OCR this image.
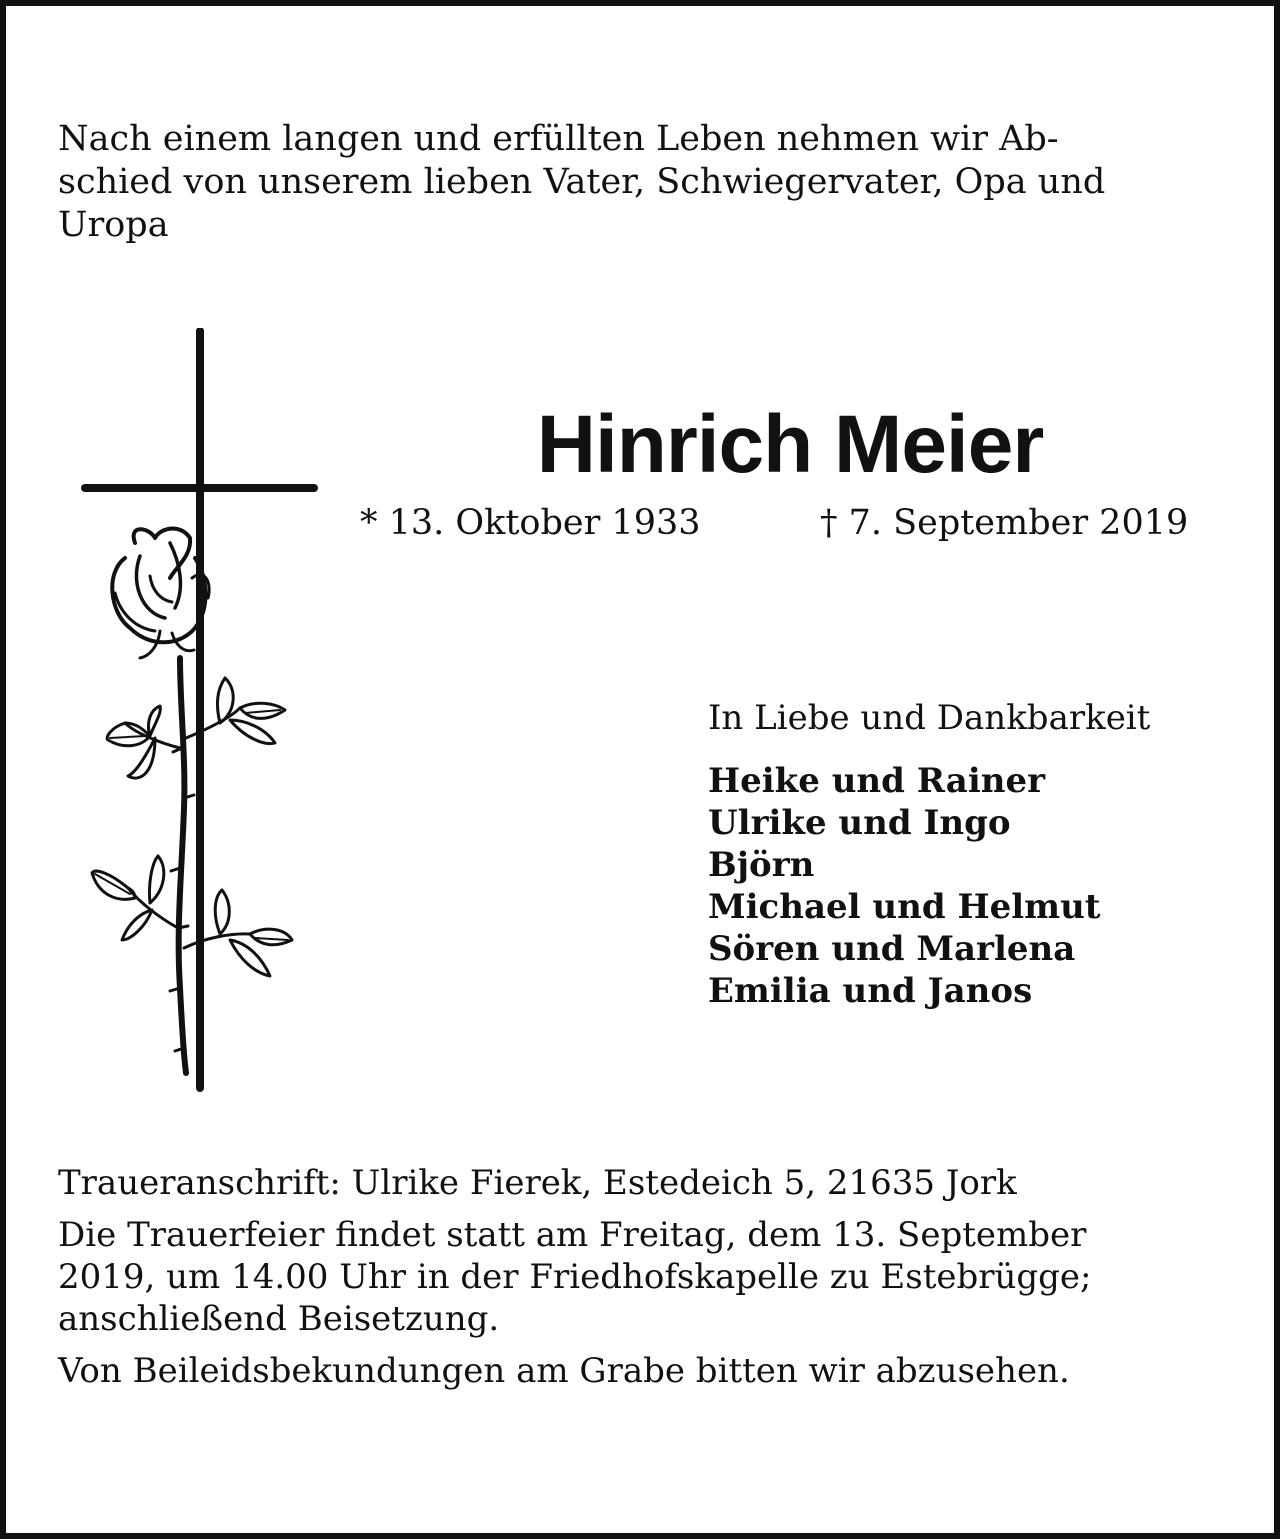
Nach einem langen und erfüllten Leben nehmen wir Ab-
schied von unserem lieben Vater, Schwiegervater, Opa und
Uropa

Hinrich Meier
* 13. Oktober 1933	† 7. September 2019
In Liebe und Dankbarkeit
Heike und Rainer
Ulrike und Ingo
Björn
Michael und Helmut
Sören und Marlena
Emilia und Janos

Traueranschrift: Ulrike Fierek, Estedeich 5, 21635 Jork

Die Trauerfeier findet statt am Freitag, dem 13. September
2019, um 14.00 Uhr in der Friedhofskapelle zu Estebrügge;
anschließend Beisetzung.

Von Beileidsbekundungen am Grabe bitten wir abzusehen.
